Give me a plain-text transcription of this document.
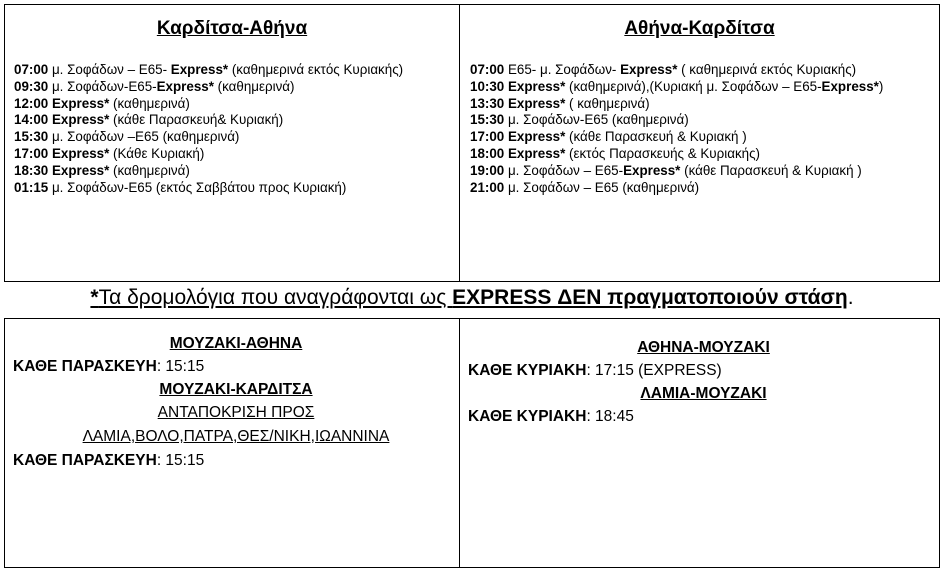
Καρδίτσα-Αθήνα
07:00 μ. Σοφάδων – Ε65- Express* (καθημερινά εκτός Κυριακής)
09:30 μ. Σοφάδων-Ε65-Express* (καθημερινά)
12:00 Express* (καθημερινά)
14:00 Express* (κάθε Παρασκευή& Κυριακή)
15:30 μ. Σοφάδων –Ε65 (καθημερινά)
17:00 Express* (Κάθε Κυριακή)
18:30 Express* (καθημερινά)
01:15 μ. Σοφάδων-Ε65 (εκτός Σαββάτου προς Κυριακή)
Αθήνα-Καρδίτσα
07:00 Ε65- μ. Σοφάδων- Express* ( καθημερινά εκτός Κυριακής)
10:30 Express* (καθημερινά),(Κυριακή μ. Σοφάδων – Ε65-Express*)
13:30 Express* ( καθημερινά)
15:30 μ. Σοφάδων-Ε65 (καθημερινά)
17:00 Express* (κάθε Παρασκευή & Κυριακή )
18:00 Express* (εκτός Παρασκευής & Κυριακής)
19:00 μ. Σοφάδων – Ε65-Express* (κάθε Παρασκευή & Κυριακή )
21:00 μ. Σοφάδων – Ε65 (καθημερινά)
*Τα δρομολόγια που αναγράφονται ως EXPRESS ΔΕΝ πραγματοποιούν στάση.
ΜΟΥΖΑΚΙ-ΑΘΗΝΑ
ΚΑΘΕ ΠΑΡΑΣΚΕΥΗ: 15:15
ΜΟΥΖΑΚΙ-ΚΑΡΔΙΤΣΑ
ΑΝΤΑΠΟΚΡΙΣΗ ΠΡΟΣ
ΛΑΜΙΑ,ΒΟΛΟ,ΠΑΤΡΑ,ΘΕΣ/ΝΙΚΗ,ΙΩΑΝΝΙΝΑ
ΚΑΘΕ ΠΑΡΑΣΚΕΥΗ: 15:15
ΑΘΗΝΑ-ΜΟΥΖΑΚΙ
ΚΑΘΕ ΚΥΡΙΑΚΗ: 17:15 (EXPRESS)
ΛΑΜΙΑ-ΜΟΥΖΑΚΙ
ΚΑΘΕ ΚΥΡΙΑΚΗ: 18:45
